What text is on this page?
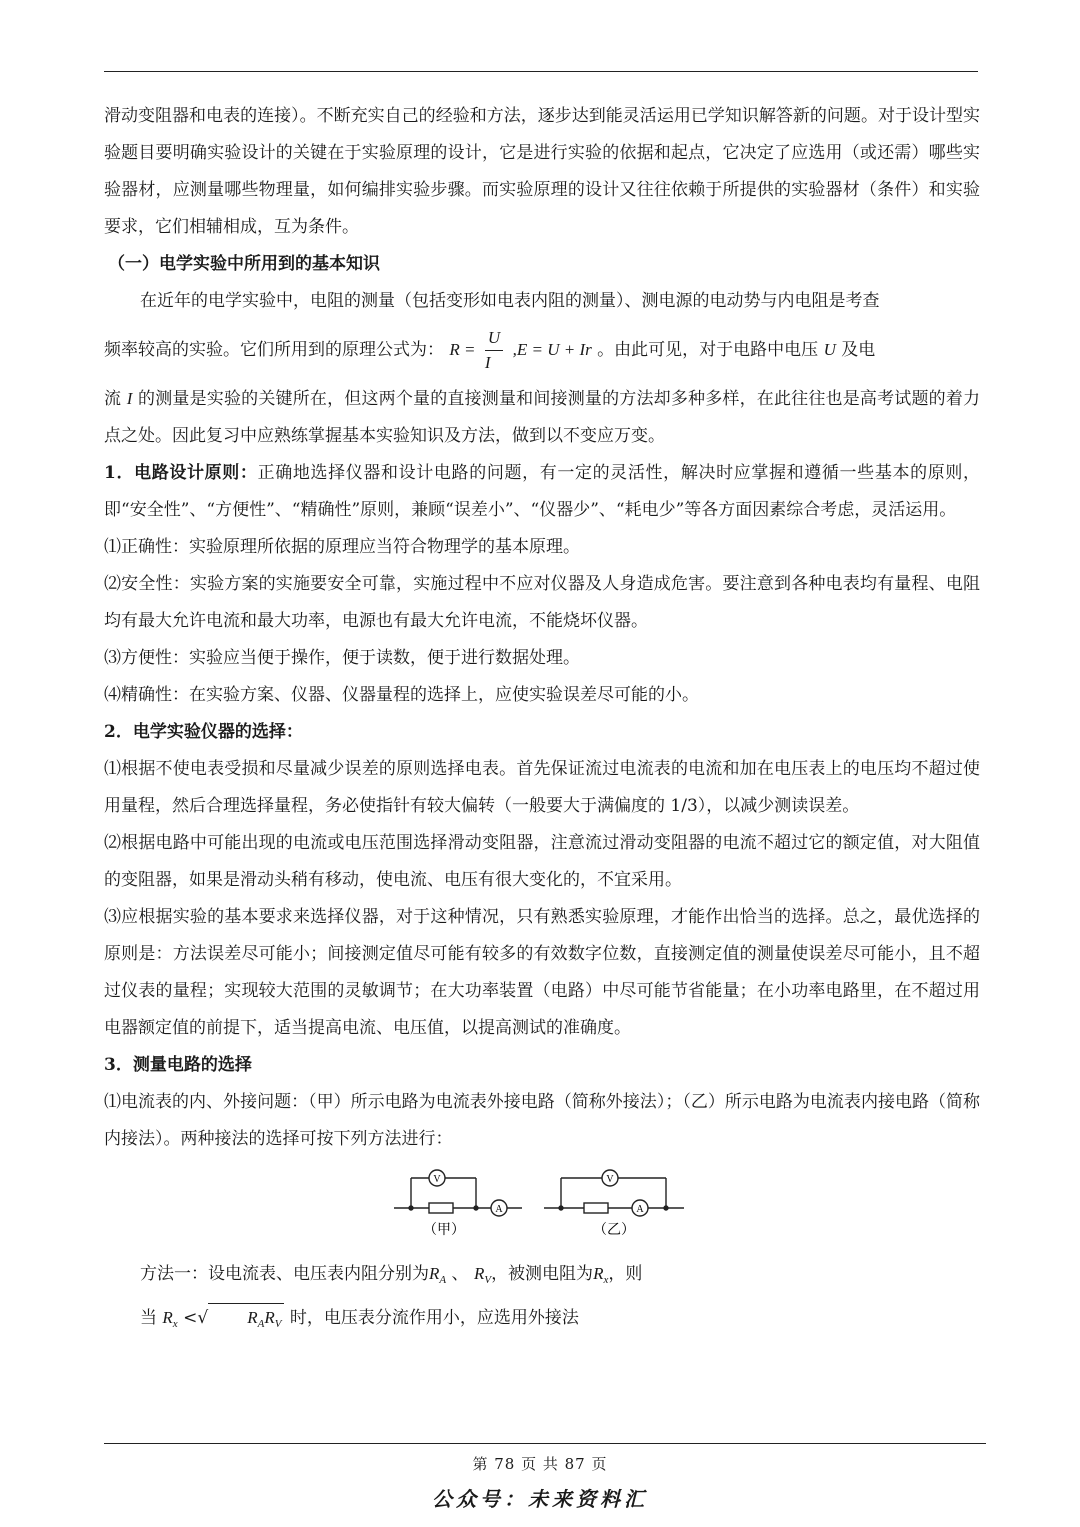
滑动变阻器和电表的连接）。不断充实自己的经验和方法，逐步达到能灵活运用已学知识解答新的问题。对于设计型实验题目要明确实验设计的关键在于实验原理的设计，它是进行实验的依据和起点，它决定了应选用（或还需）哪些实验器材，应测量哪些物理量，如何编排实验步骤。而实验原理的设计又往往依赖于所提供的实验器材（条件）和实验要求，它们相辅相成，互为条件。

（一）电学实验中所用到的基本知识

在近年的电学实验中，电阻的测量（包括变形如电表内阻的测量）、测电源的电动势与内电阻是考查

频率较高的实验。它们所用到的原理公式为： $R = \frac{U}{I} ,E = U + Ir$ 。由此可见，对于电路中电压 U 及电

流 I 的测量是实验的关键所在，但这两个量的直接测量和间接测量的方法却多种多样，在此往往也是高考试题的着力点之处。因此复习中应熟练掌握基本实验知识及方法，做到以不变应万变。

1．电路设计原则：正确地选择仪器和设计电路的问题，有一定的灵活性，解决时应掌握和遵循一些基本的原则，即“安全性”、“方便性”、“精确性”原则，兼顾“误差小”、“仪器少”、“耗电少”等各方面因素综合考虑，灵活运用。

⑴正确性：实验原理所依据的原理应当符合物理学的基本原理。

⑵安全性：实验方案的实施要安全可靠，实施过程中不应对仪器及人身造成危害。要注意到各种电表均有量程、电阻均有最大允许电流和最大功率，电源也有最大允许电流，不能烧坏仪器。

⑶方便性：实验应当便于操作，便于读数，便于进行数据处理。

⑷精确性：在实验方案、仪器、仪器量程的选择上，应使实验误差尽可能的小。

2．电学实验仪器的选择：

⑴根据不使电表受损和尽量减少误差的原则选择电表。首先保证流过电流表的电流和加在电压表上的电压均不超过使用量程，然后合理选择量程，务必使指针有较大偏转（一般要大于满偏度的 1/3），以减少测读误差。

⑵根据电路中可能出现的电流或电压范围选择滑动变阻器，注意流过滑动变阻器的电流不超过它的额定值，对大阻值的变阻器，如果是滑动头稍有移动，使电流、电压有很大变化的，不宜采用。

⑶应根据实验的基本要求来选择仪器，对于这种情况，只有熟悉实验原理，才能作出恰当的选择。总之，最优选择的原则是：方法误差尽可能小；间接测定值尽可能有较多的有效数字位数，直接测定值的测量使误差尽可能小，且不超过仪表的量程；实现较大范围的灵敏调节；在大功率装置（电路）中尽可能节省能量；在小功率电路里，在不超过用电器额定值的前提下，适当提高电流、电压值，以提高测试的准确度。

3．测量电路的选择

⑴电流表的内、外接问题：（甲）所示电路为电流表外接电路（简称外接法）；（乙）所示电路为电流表内接电路（简称内接法）。两种接法的选择可按下列方法进行：

V
A
（甲）
V
A
（乙）

方法一：设电流表、电压表内阻分别为$R_A$ 、 $R_V$，被测电阻为$R_x$，则

当 $R_x$ <√ $R_AR_V$ 时，电压表分流作用小，应选用外接法

第 78 页 共 87 页
公众号：未来资料汇
